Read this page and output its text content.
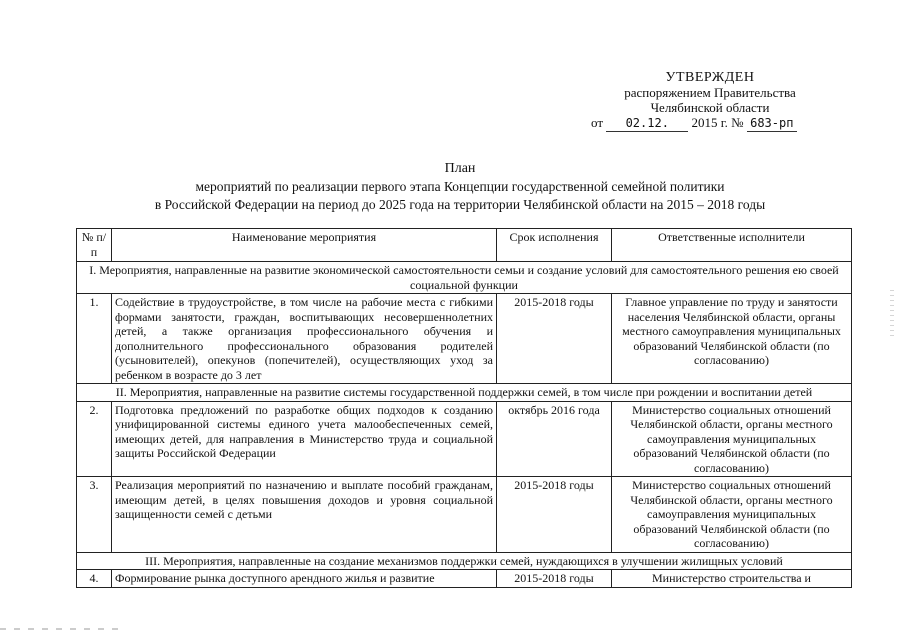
УТВЕРЖДЕН
распоряжением Правительства
Челябинской области
от 02.12. 2015 г. № 683-рп
План
мероприятий по реализации первого этапа Концепции государственной семейной политики
в Российской Федерации на период до 2025 года на территории Челябинской области на 2015 – 2018 годы
№ п/п	Наименование мероприятия	Срок исполнения	Ответственные исполнители
I. Мероприятия, направленные на развитие экономической самостоятельности семьи и создание условий для самостоятельного решения ею своей социальной функции			
1.	Содействие в трудоустройстве, в том числе на рабочие места с гибкими формами занятости, граждан, воспитывающих несовершеннолетних детей, а также организация профессионального обучения и дополнительного профессионального образования родителей (усыновителей), опекунов (попечителей), осуществляющих уход за ребенком в возрасте до 3 лет	2015-2018 годы	Главное управление по труду и занятости населения Челябинской области, органы местного самоуправления муниципальных образований Челябинской области (по согласованию)
II. Мероприятия, направленные на развитие системы государственной поддержки семей, в том числе при рождении и воспитании детей			
2.	Подготовка предложений по разработке общих подходов к созданию унифицированной системы единого учета малообеспеченных семей, имеющих детей, для направления в Министерство труда и социальной защиты Российской Федерации	октябрь 2016 года	Министерство социальных отношений Челябинской области, органы местного самоуправления муниципальных образований Челябинской области (по согласованию)
3.	Реализация мероприятий по назначению и выплате пособий гражданам, имеющим детей, в целях повышения доходов и уровня социальной защищенности семей с детьми	2015-2018 годы	Министерство социальных отношений Челябинской области, органы местного самоуправления муниципальных образований Челябинской области (по согласованию)
III. Мероприятия, направленные на создание механизмов поддержки семей, нуждающихся в улучшении жилищных условий			
4.	Формирование рынка доступного арендного жилья и развитие	2015-2018 годы	Министерство строительства и
